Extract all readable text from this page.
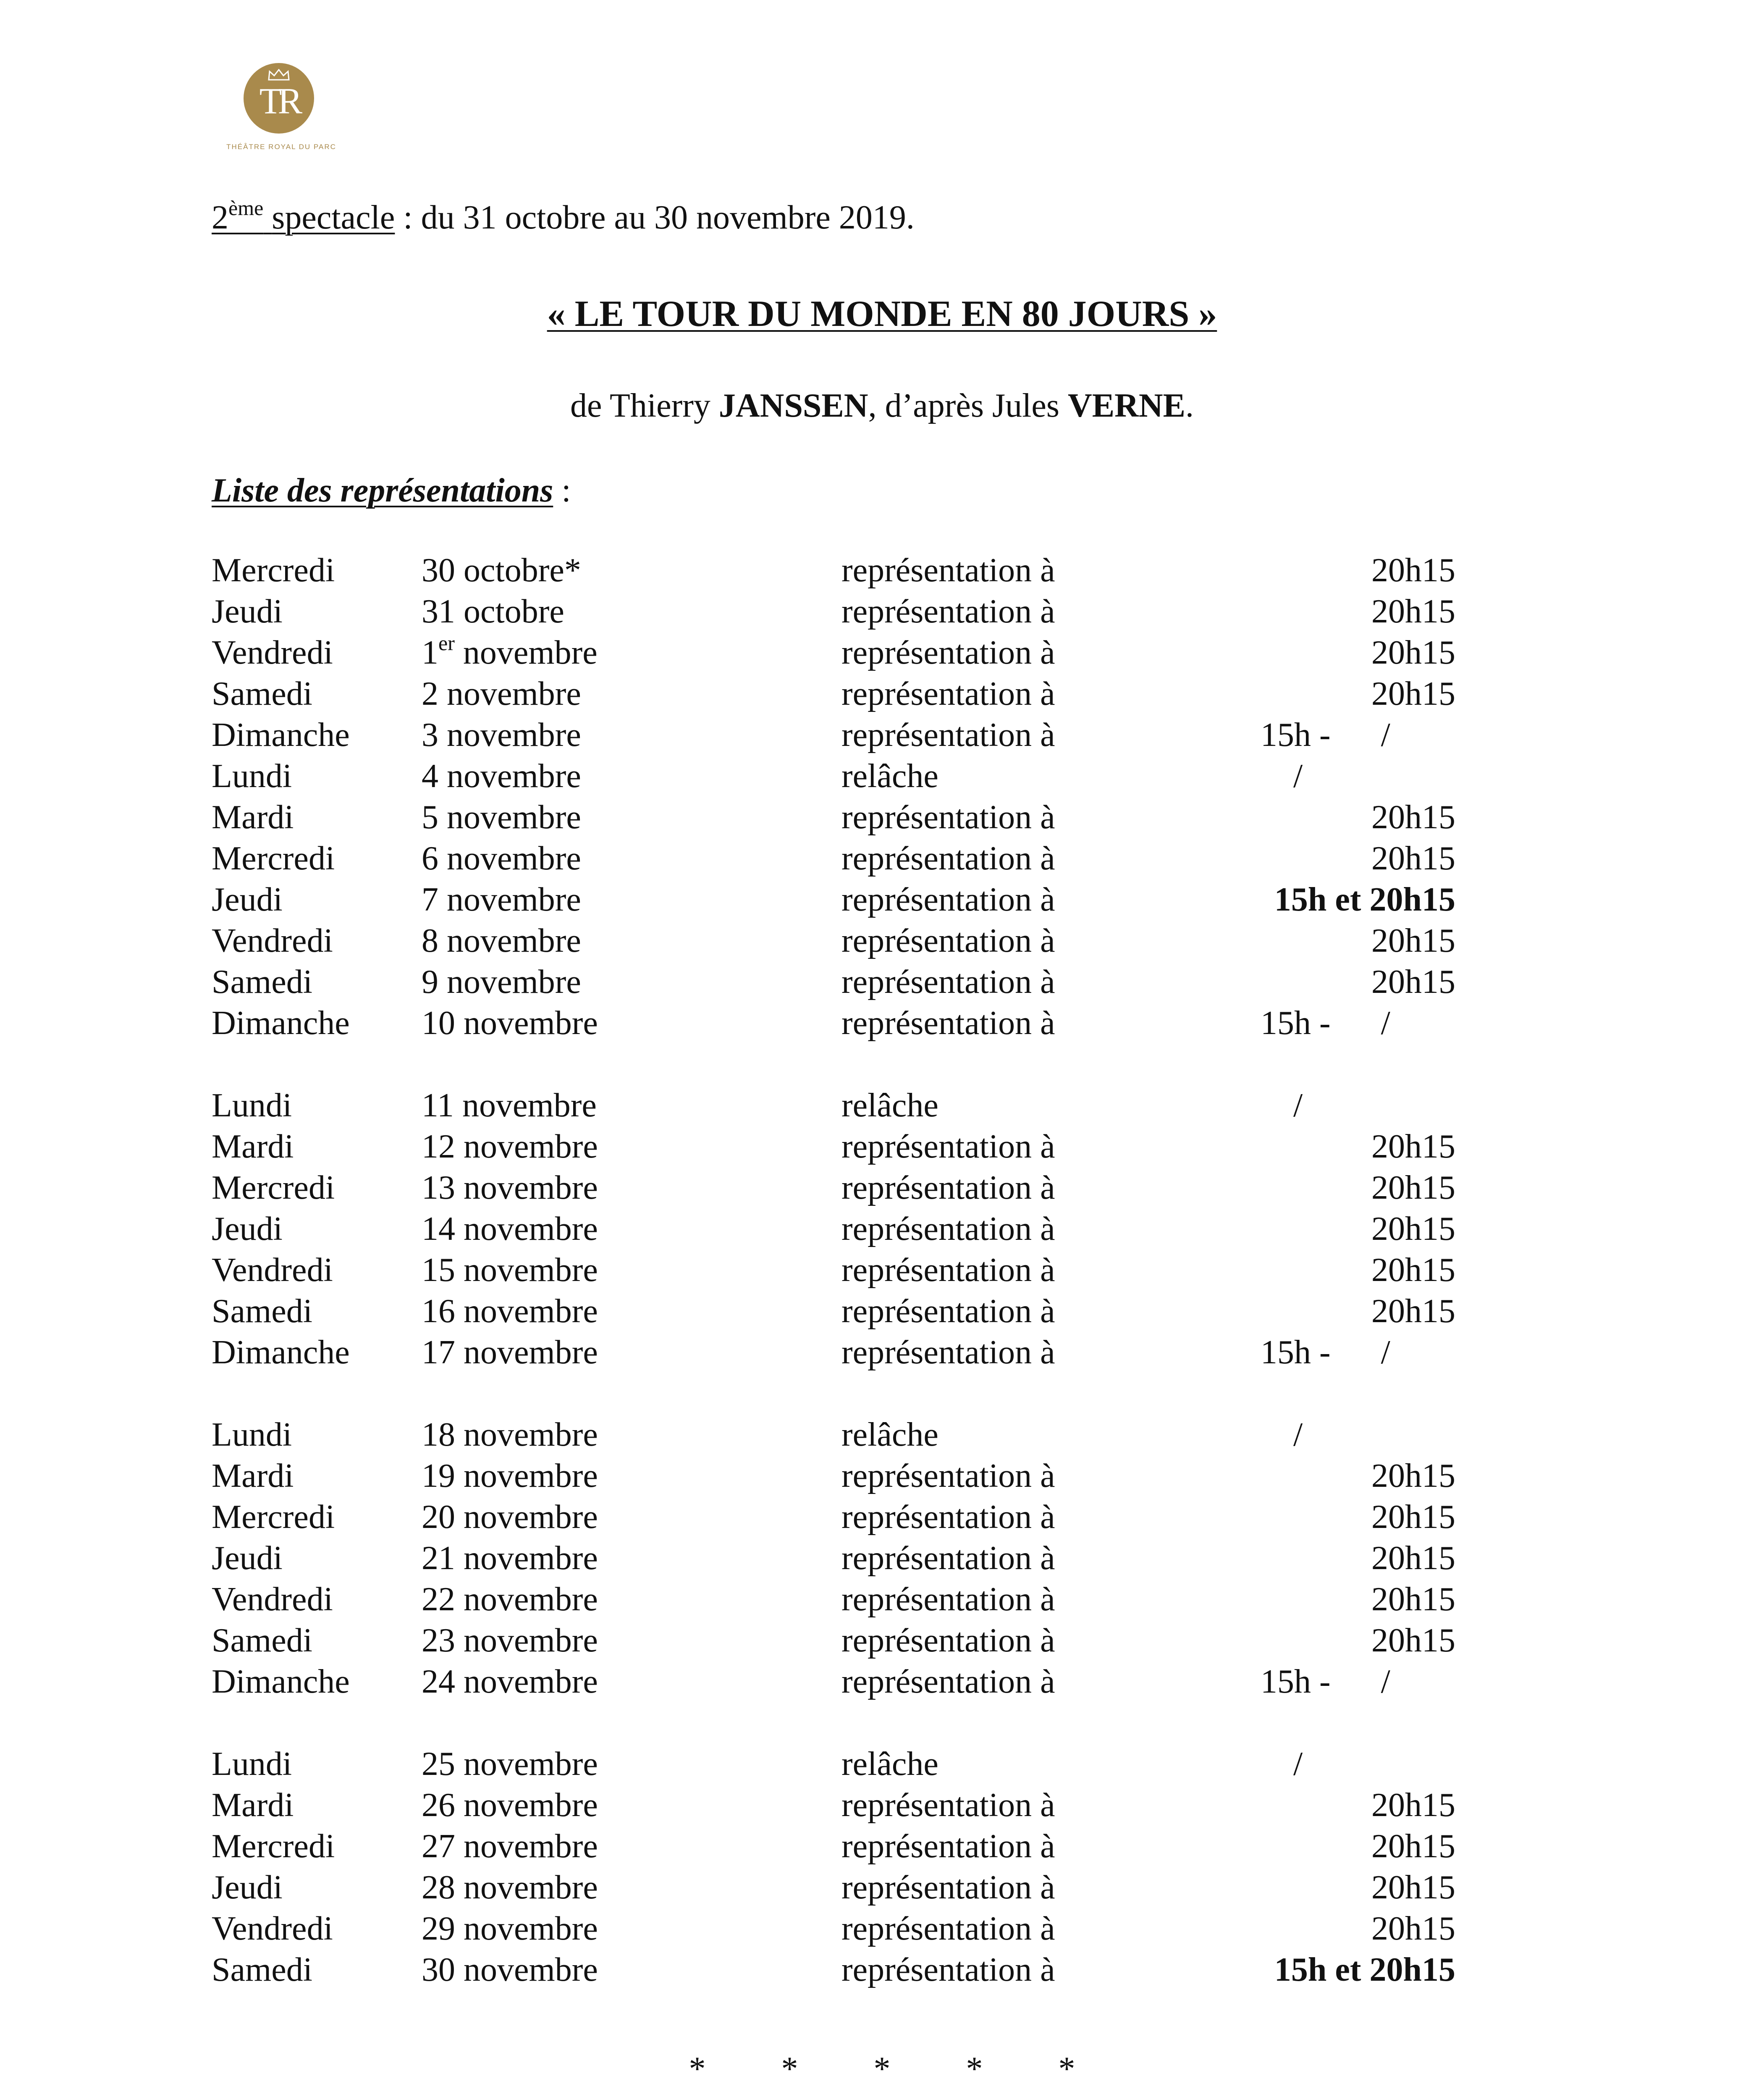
TR
THÉÂTRE ROYAL DU PARC
2ème spectacle : du 31 octobre au 30 novembre 2019.
« LE TOUR DU MONDE EN 80 JOURS »
de Thierry JANSSEN, d’après Jules VERNE.
Liste des représentations :
Mercredi	30 octobre*	représentation à	20h15
Jeudi	31 octobre	représentation à	20h15
Vendredi	1er novembre	représentation à	20h15
Samedi	2 novembre	représentation à	20h15
Dimanche 3 novembre	représentation à	15h -      /
Lundi	4 novembre	relâche	/
Mardi	5 novembre	représentation à	20h15
Mercredi	6 novembre	représentation à	20h15
Jeudi	7 novembre	représentation à	15h et 20h15
Vendredi	8 novembre	représentation à	20h15
Samedi	9 novembre	représentation à	20h15
Dimanche 10 novembre	représentation à	15h -      /
Lundi	11 novembre	relâche	/
Mardi	12 novembre	représentation à	20h15
Mercredi	13 novembre	représentation à	20h15
Jeudi	14 novembre	représentation à	20h15
Vendredi	15 novembre	représentation à	20h15
Samedi	16 novembre	représentation à	20h15
Dimanche 17 novembre	représentation à	15h -      /
Lundi	18 novembre	relâche	/
Mardi	19 novembre	représentation à	20h15
Mercredi	20 novembre	représentation à	20h15
Jeudi	21 novembre	représentation à	20h15
Vendredi	22 novembre	représentation à	20h15
Samedi	23 novembre	représentation à	20h15
Dimanche 24 novembre	représentation à	15h -      /
Lundi	25 novembre	relâche	/
Mardi	26 novembre	représentation à	20h15
Mercredi	27 novembre	représentation à	20h15
Jeudi	28 novembre	représentation à	20h15
Vendredi	29 novembre	représentation à	20h15
Samedi	30 novembre	représentation à	15h et 20h15
* * * * *
